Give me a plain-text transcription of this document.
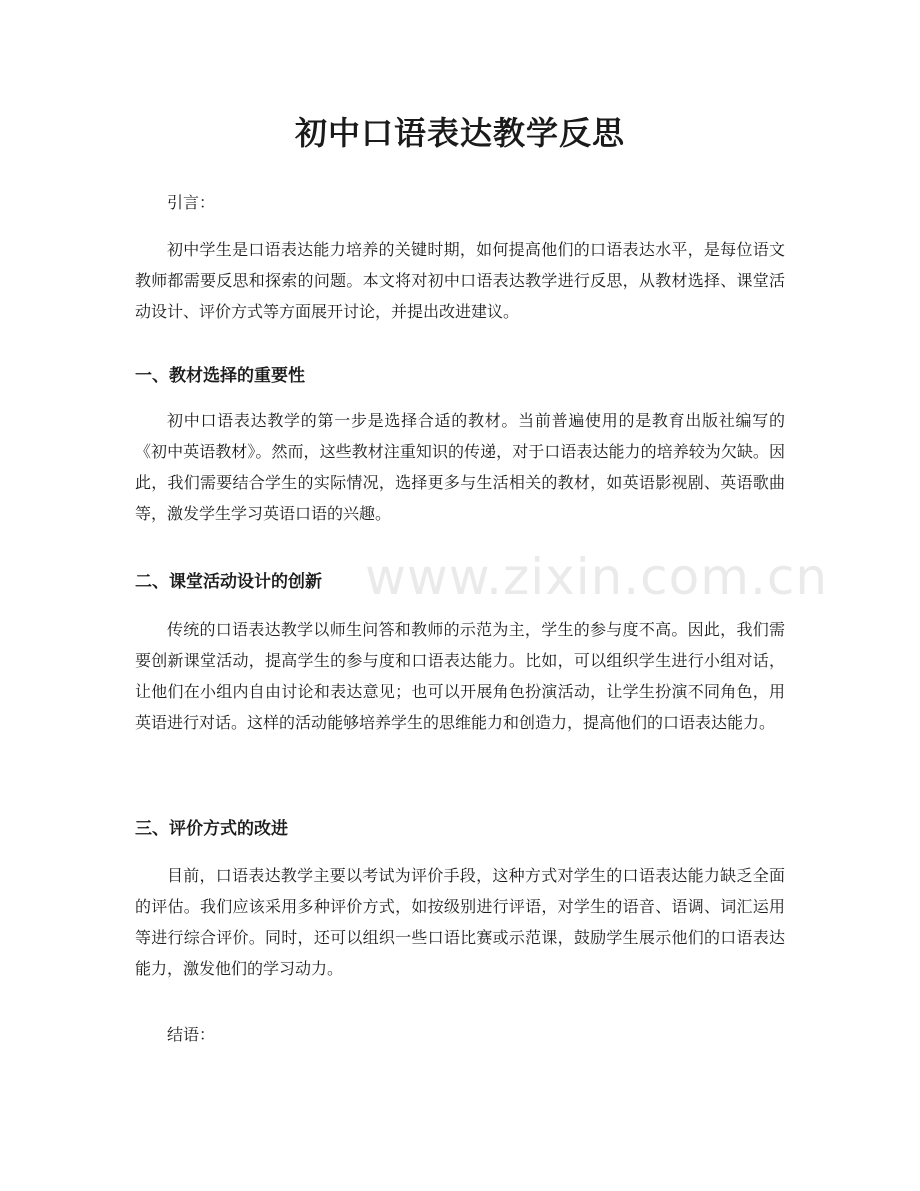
初中口语表达教学反思

引言：

初中学生是口语表达能力培养的关键时期，如何提高他们的口语表达水平，是每位语文教师都需要反思和探索的问题。本文将对初中口语表达教学进行反思，从教材选择、课堂活动设计、评价方式等方面展开讨论，并提出改进建议。

一、教材选择的重要性

初中口语表达教学的第一步是选择合适的教材。当前普遍使用的是教育出版社编写的《初中英语教材》。然而，这些教材注重知识的传递，对于口语表达能力的培养较为欠缺。因此，我们需要结合学生的实际情况，选择更多与生活相关的教材，如英语影视剧、英语歌曲等，激发学生学习英语口语的兴趣。

二、课堂活动设计的创新

传统的口语表达教学以师生问答和教师的示范为主，学生的参与度不高。因此，我们需要创新课堂活动，提高学生的参与度和口语表达能力。比如，可以组织学生进行小组对话，让他们在小组内自由讨论和表达意见；也可以开展角色扮演活动，让学生扮演不同角色，用英语进行对话。这样的活动能够培养学生的思维能力和创造力，提高他们的口语表达能力。

三、评价方式的改进

目前，口语表达教学主要以考试为评价手段，这种方式对学生的口语表达能力缺乏全面的评估。我们应该采用多种评价方式，如按级别进行评语，对学生的语音、语调、词汇运用等进行综合评价。同时，还可以组织一些口语比赛或示范课，鼓励学生展示他们的口语表达能力，激发他们的学习动力。

结语：

www.zixin.com.cn
